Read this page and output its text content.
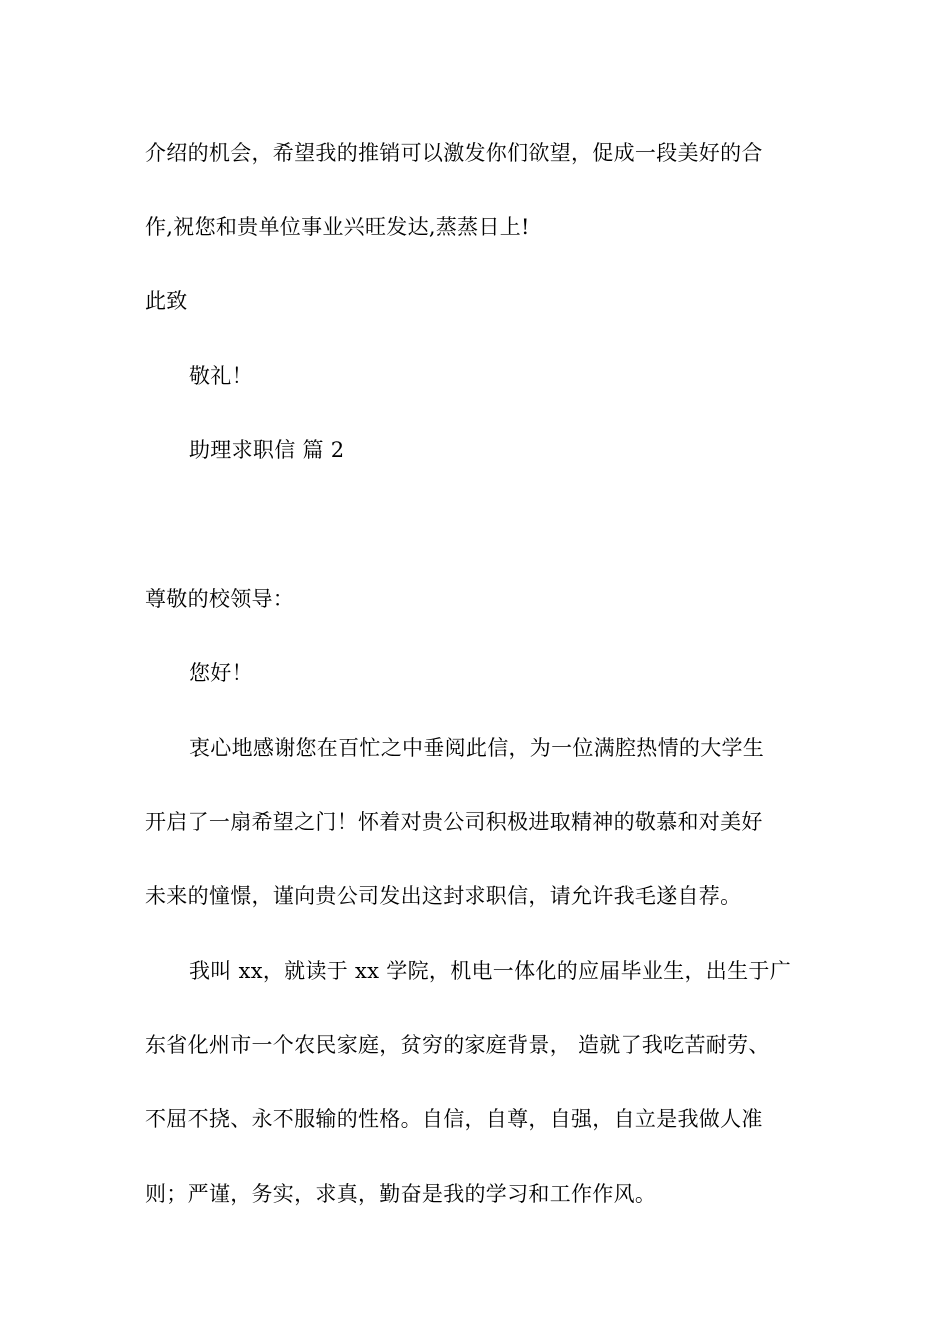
介绍的机会，希望我的推销可以激发你们欲望，促成一段美好的合
作,祝您和贵单位事业兴旺发达,蒸蒸日上!
此致
敬礼！
助理求职信 篇 2
尊敬的校领导：
您好！
衷心地感谢您在百忙之中垂阅此信，为一位满腔热情的大学生
开启了一扇希望之门！怀着对贵公司积极进取精神的敬慕和对美好
未来的憧憬，谨向贵公司发出这封求职信，请允许我毛遂自荐。
我叫 xx，就读于 xx 学院，机电一体化的应届毕业生，出生于广
东省化州市一个农民家庭，贫穷的家庭背景， 造就了我吃苦耐劳、
不屈不挠、永不服输的性格。自信，自尊，自强，自立是我做人准
则；严谨，务实，求真，勤奋是我的学习和工作作风。
